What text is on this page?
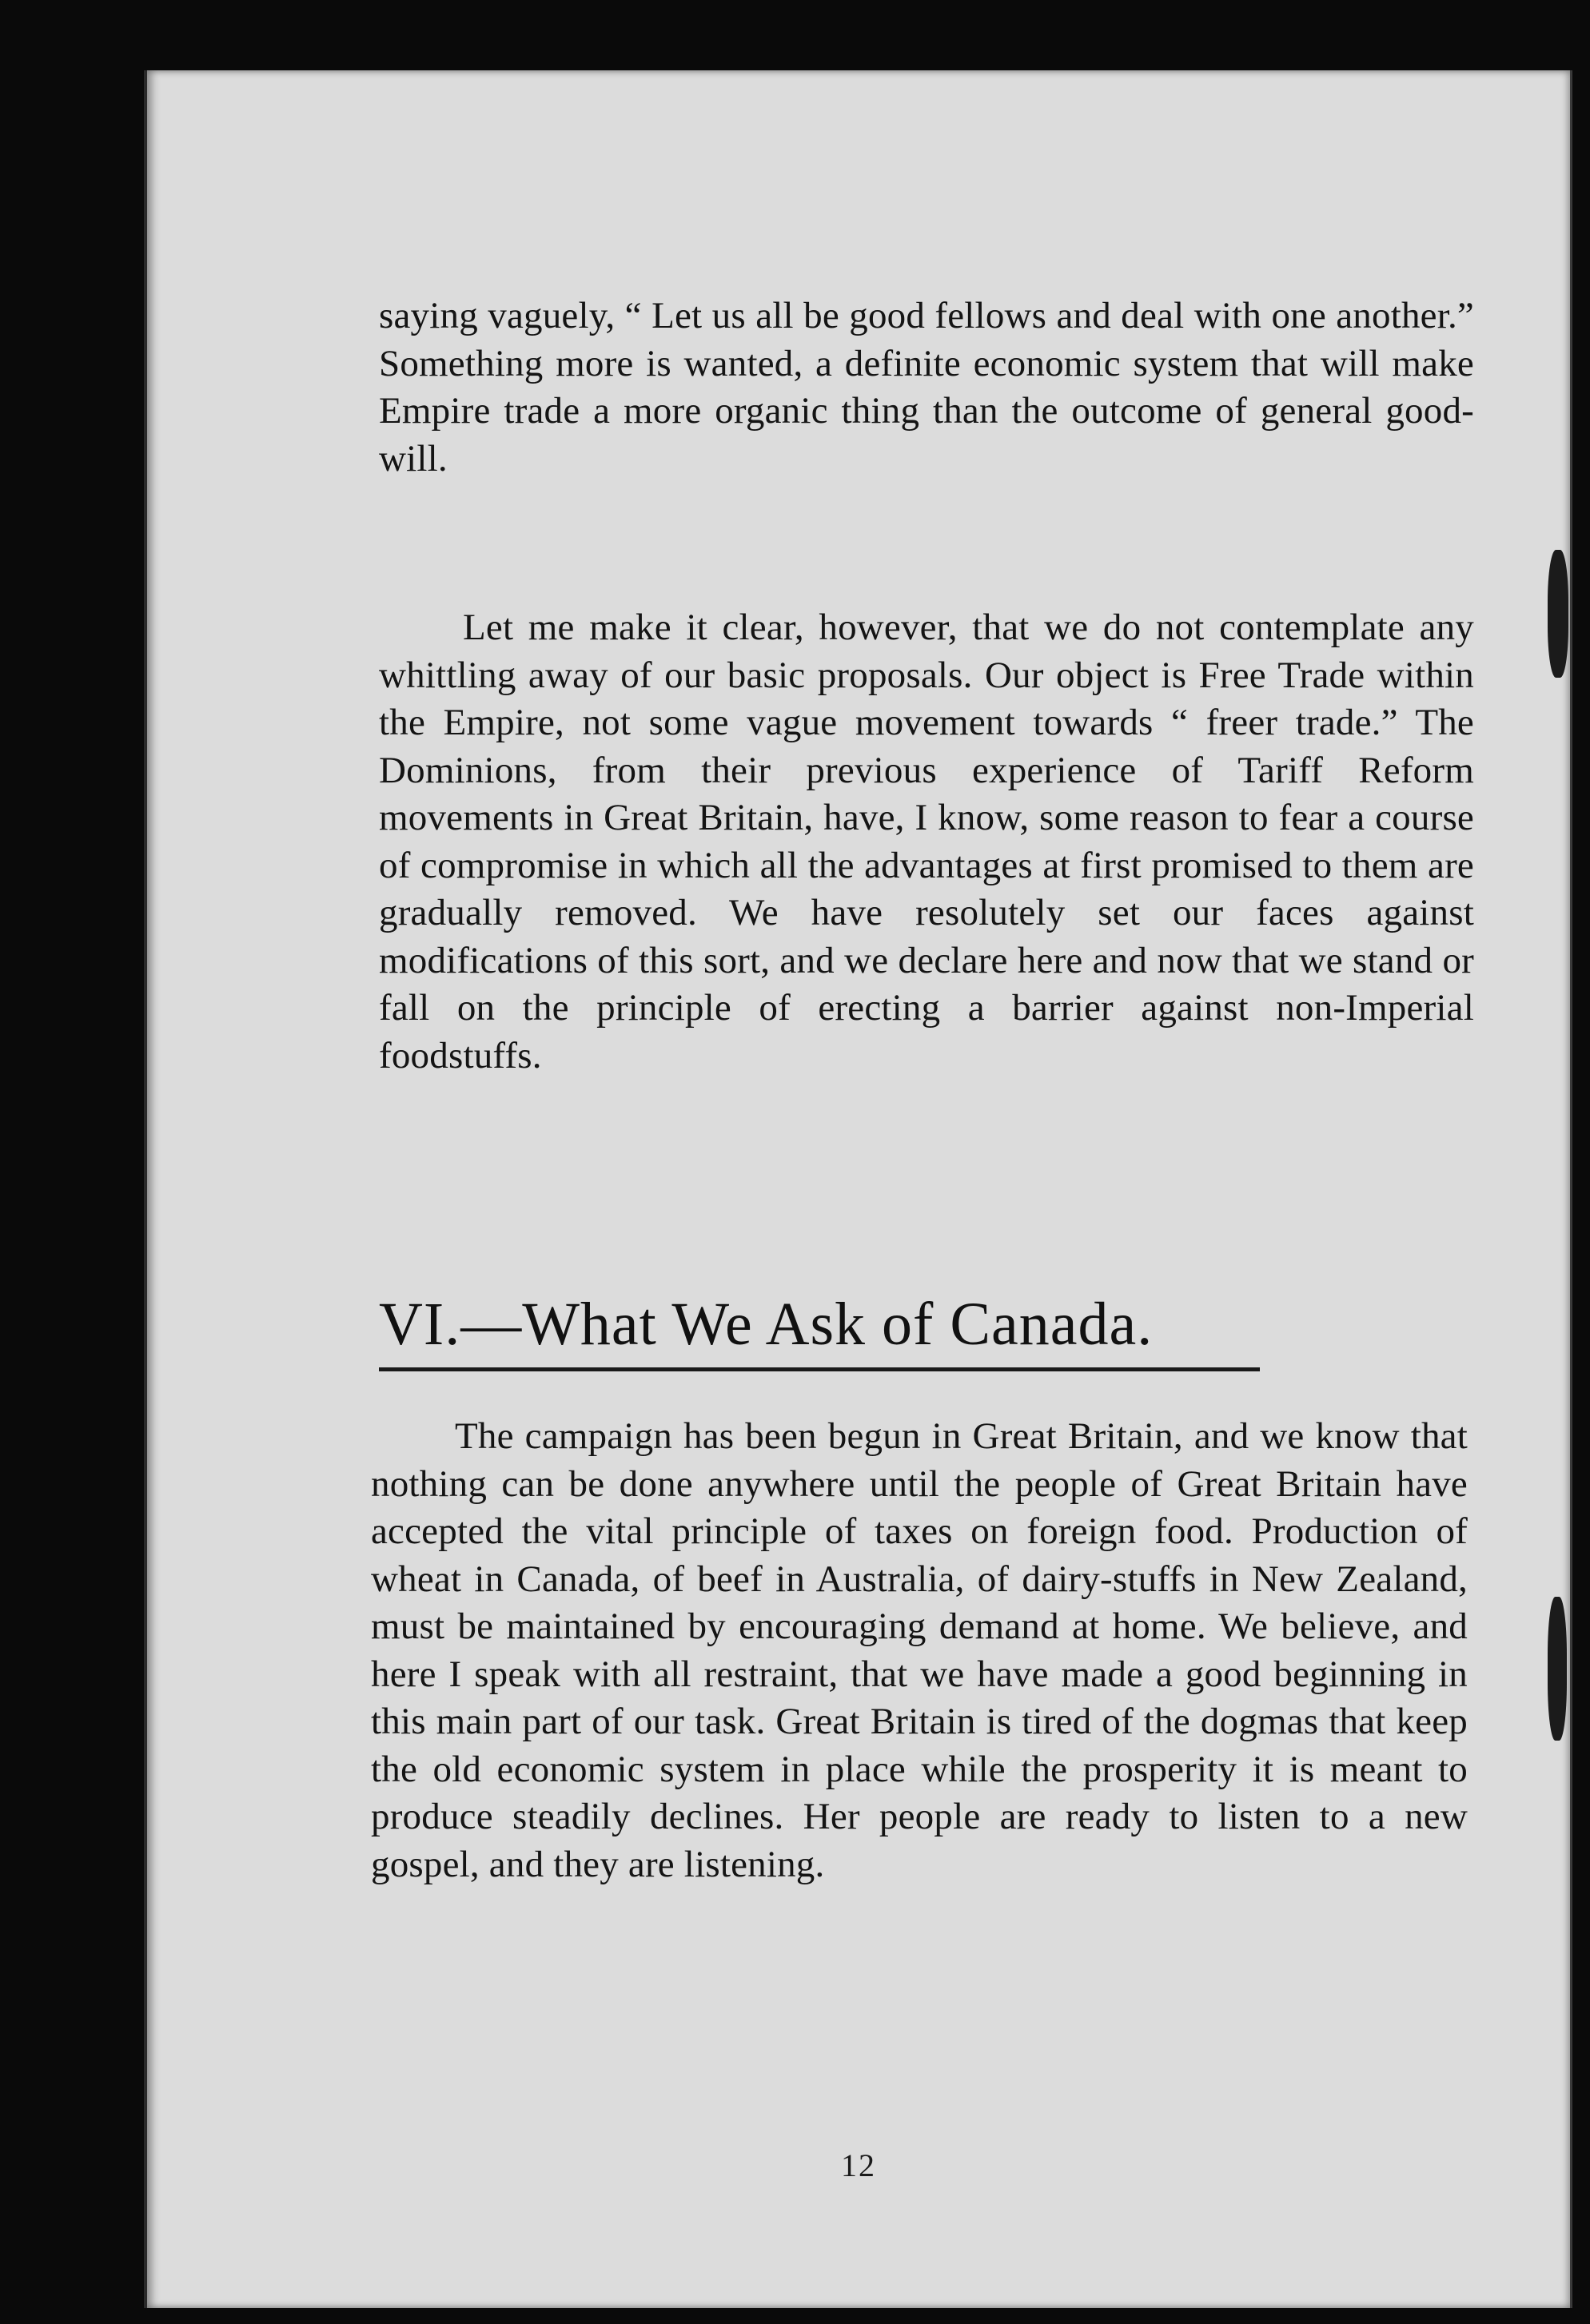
saying vaguely, “ Let us all be good fellows and deal with one another.” Something more is wanted, a definite economic system that will make Empire trade a more organic thing than the outcome of general good-will.

Let me make it clear, however, that we do not contemplate any whittling away of our basic proposals. Our object is Free Trade within the Empire, not some vague movement towards “ freer trade.” The Dominions, from their previous experience of Tariff Reform movements in Great Britain, have, I know, some reason to fear a course of compromise in which all the advantages at first promised to them are gradually removed. We have resolutely set our faces against modifications of this sort, and we declare here and now that we stand or fall on the principle of erecting a barrier against non-Imperial foodstuffs.

VI.—What We Ask of Canada.

The campaign has been begun in Great Britain, and we know that nothing can be done anywhere until the people of Great Britain have accepted the vital principle of taxes on foreign food. Production of wheat in Canada, of beef in Australia, of dairy-stuffs in New Zealand, must be maintained by encouraging demand at home. We believe, and here I speak with all restraint, that we have made a good beginning in this main part of our task. Great Britain is tired of the dogmas that keep the old economic system in place while the prosperity it is meant to produce steadily declines. Her people are ready to listen to a new gospel, and they are listening.

12
